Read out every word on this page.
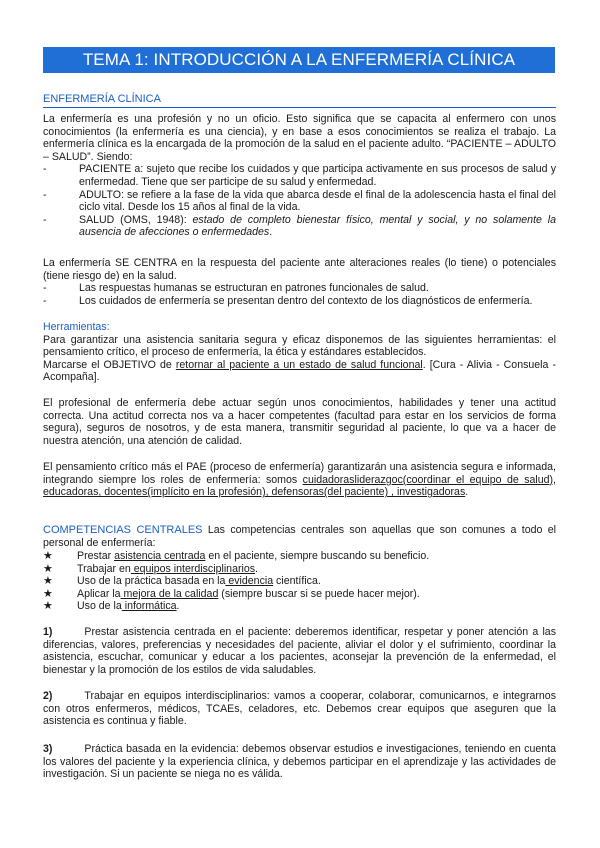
TEMA 1: INTRODUCCIÓN A LA ENFERMERÍA CLÍNICA
ENFERMERÍA CLÍNICA

La enfermería es una profesión y no un oficio. Esto significa que se capacita al enfermero con unos conocimientos (la enfermería es una ciencia), y en base a esos conocimientos se realiza el trabajo. La enfermería clínica es la encargada de la promoción de la salud en el paciente adulto. “PACIENTE – ADULTO – SALUD”. Siendo:

-	PACIENTE a: sujeto que recibe los cuidados y que participa activamente en sus procesos de salud y enfermedad. Tiene que ser participe de su salud y enfermedad.
-	ADULTO: se refiere a la fase de la vida que abarca desde el final de la adolescencia hasta el final del ciclo vital. Desde los 15 años al final de la vida.
-	SALUD (OMS, 1948): estado de completo bienestar físico, mental y social, y no solamente la ausencia de afecciones o enfermedades.

La enfermería SE CENTRA en la respuesta del paciente ante alteraciones reales (lo tiene) o potenciales (tiene riesgo de) en la salud.

-	Las respuestas humanas se estructuran en patrones funcionales de salud.
-	Los cuidados de enfermería se presentan dentro del contexto de los diagnósticos de enfermería.
Herramientas:

Para garantizar una asistencia sanitaria segura y eficaz disponemos de las siguientes herramientas: el pensamiento crítico, el proceso de enfermería, la ética y estándares establecidos.

Marcarse el OBJETIVO de retornar al paciente a un estado de salud funcional. [Cura - Alivia - Consuela - Acompaña].

El profesional de enfermería debe actuar según unos conocimientos, habilidades y tener una actitud correcta. Una actitud correcta nos va a hacer competentes (facultad para estar en los servicios de forma segura), seguros de nosotros, y de esta manera, transmitir seguridad al paciente, lo que va a hacer de nuestra atención, una atención de calidad.

El pensamiento crítico más el PAE (proceso de enfermería) garantizarán una asistencia segura e informada, integrando siempre los roles de enfermería: somos cuidadorasliderazgoc(coordinar el equipo de salud), educadoras, docentes(implícito en la profesión), defensoras(del paciente) , investigadoras.

COMPETENCIAS CENTRALES Las competencias centrales son aquellas que son comunes a todo el personal de enfermería:

★	Prestar asistencia centrada en el paciente, siempre buscando su beneficio.
★	Trabajar en equipos interdisciplinarios.
★	Uso de la práctica basada en la evidencia científica.
★	Aplicar la mejora de la calidad (siempre buscar si se puede hacer mejor).
★	Uso de la informática.

1)	Prestar asistencia centrada en el paciente: deberemos identificar, respetar y poner atención a las diferencias, valores, preferencias y necesidades del paciente, aliviar el dolor y el sufrimiento, coordinar la asistencia, escuchar, comunicar y educar a los pacientes, aconsejar la prevención de la enfermedad, el bienestar y la promoción de los estilos de vida saludables.

2)	Trabajar en equipos interdisciplinarios: vamos a cooperar, colaborar, comunicarnos, e integrarnos con otros enfermeros, médicos, TCAEs, celadores, etc. Debemos crear equipos que aseguren que la asistencia es continua y fiable.

3)	Práctica basada en la evidencia: debemos observar estudios e investigaciones, teniendo en cuenta los valores del paciente y la experiencia clínica, y debemos participar en el aprendizaje y las actividades de investigación. Si un paciente se niega no es válida.
